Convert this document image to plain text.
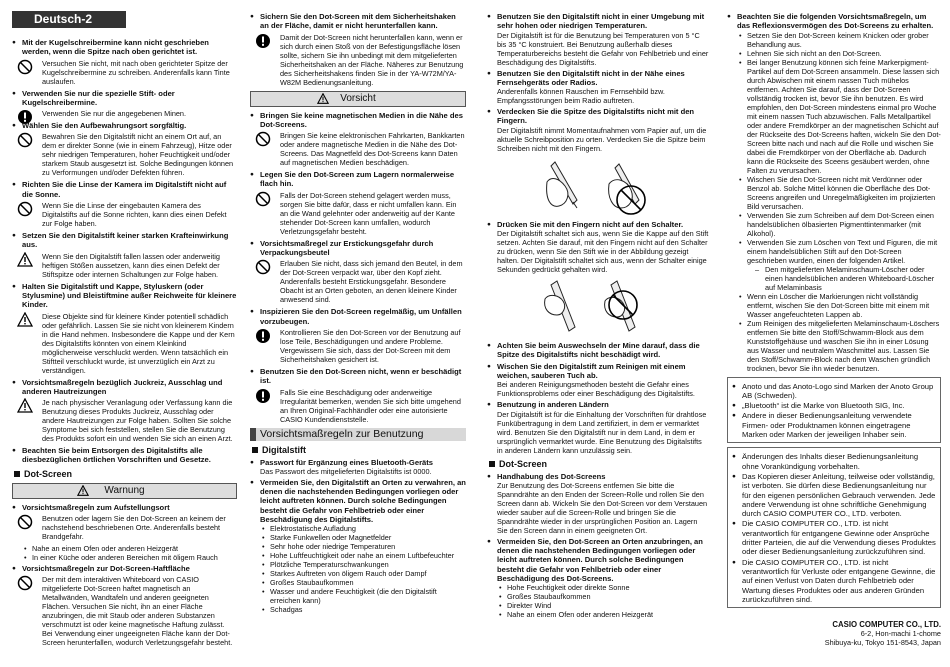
Deutsch-2
● Mit der Kugelschreibermine kann nicht geschrieben werden, wenn die Spitze nach oben gerichtet ist.
Versuchen Sie nicht, mit nach oben gerichteter Spitze der Kugelschreibermine zu schreiben. Anderenfalls kann Tinte auslaufen.
● Verwenden Sie nur die spezielle Stift- oder Kugelschreibermine.
Verwenden Sie nur die angegebenen Minen.
● Wählen Sie den Aufbewahrungsort sorgfältig.
Bewahren Sie den Digitalstift nicht an einem Ort auf, an dem er direkter Sonne (wie in einem Fahrzeug), Hitze oder sehr niedrigen Temperaturen, hoher Feuchtigkeit und/oder starkem Staub ausgesetzt ist. Solche Bedingungen können zu Verformungen und/oder Defekten führen.
● Richten Sie die Linse der Kamera im Digitalstift nicht auf die Sonne.
Wenn Sie die Linse der eingebauten Kamera des Digitalstifts auf die Sonne richten, kann dies einen Defekt zur Folge haben.
● Setzen Sie den Digitalstift keiner starken Krafteinwirkung aus.
Wenn Sie den Digitalstift fallen lassen oder anderweitig heftigen Stößen aussetzen, kann dies einen Defekt der Stiftspitze oder internen Schaltungen zur Folge haben.
● Halten Sie Digitalstift und Kappe, Styluskern (oder Stylusmine) und Bleistiftmine außer Reichweite für kleinere Kinder.
Diese Objekte sind für kleinere Kinder potentiell schädlich oder gefährlich. Lassen Sie sie nicht von kleinerem Kindern in die Hand nehmen. Insbesondere die Kappe und der Kern des Digitalstifts könnten von einem Kleinkind möglicherweise verschluckt werden. Wenn tatsächlich ein Stiftteil verschluckt wurde, ist unverzüglich ein Arzt zu verständigen.
● Vorsichtsmaßregeln bezüglich Juckreiz, Ausschlag und anderen Hautreizungen
Je nach physischer Veranlagung oder Verfassung kann die Benutzung dieses Produkts Juckreiz, Ausschlag oder andere Hautreizungen zur Folge haben. Sollten Sie solche Symptome bei sich feststellen, stellen Sie die Benutzung des Produkts sofort ein und wenden Sie sich an einen Arzt.
● Beachten Sie beim Entsorgen des Digitalstifts alle diesbezüglichen örtlichen Vorschriften und Gesetze.
Dot-Screen
Warnung
● Vorsichtsmaßregeln zum Aufstellungsort
Benutzen oder lagern Sie den Dot-Screen an keinem der nachstehend beschriebenen Orte. Anderenfalls besteht Brandgefahr.
• Nahe an einem Ofen oder anderen Heizgerät
• In einer Küche oder anderen Bereichen mit öligem Rauch
● Vorsichtsmaßregeln zur Dot-Screen-Haftfläche
Der mit dem interaktiven Whiteboard von CASIO mitgelieferte Dot-Screen haftet magnetisch an Metallwänden, Wandtafeln und anderen geeigneten Flächen. Versuchen Sie nicht, ihn an einer Fläche anzubringen, die mit Staub oder anderen Substanzen verschmutzt ist oder keine magnetische Haftung zulässt. Bei Verwendung einer ungeeigneten Fläche kann der Dot-Screen herunterfallen, wodurch Verletzungsgefahr besteht.
● Sichern Sie den Dot-Screen mit dem Sicherheitshaken an der Fläche, damit er nicht herunterfallen kann.
Damit der Dot-Screen nicht herunterfallen kann, wenn er sich durch einen Stoß von der Befestigungsfläche lösen sollte, sichern Sie ihn unbedingt mit dem mitgelieferten Sicherheitshaken an der Fläche. Näheres zur Benutzung des Sicherheitshakens finden Sie in der YA-W72M/YA-W82M Bedienungsanleitung.
Vorsicht
● Bringen Sie keine magnetischen Medien in die Nähe des Dot-Screens.
Bringen Sie keine elektronischen Fahrkarten, Bankkarten oder andere magnetische Medien in die Nähe des Dot-Screens. Das Magnetfeld des Dot-Screens kann Daten auf magnetischen Medien beschädigen.
● Legen Sie den Dot-Screen zum Lagern normalerweise flach hin.
Falls der Dot-Screen stehend gelagert werden muss, sorgen Sie bitte dafür, dass er nicht umfallen kann. Ein an die Wand gelehnter oder anderweitig auf der Kante stehender Dot-Screen kann umfallen, wodurch Verletzungsgefahr besteht.
● Vorsichtsmaßregel zur Erstickungsgefahr durch Verpackungsbeutel
Erlauben Sie nicht, dass sich jemand den Beutel, in dem der Dot-Screen verpackt war, über den Kopf zieht. Anderenfalls besteht Erstickungsgefahr. Besondere Obacht ist an Orten geboten, an denen kleinere Kinder anwesend sind.
● Inspizieren Sie den Dot-Screen regelmäßig, um Unfällen vorzubeugen.
Kontrollieren Sie den Dot-Screen vor der Benutzung auf lose Teile, Beschädigungen und andere Probleme. Vergewissern Sie sich, dass der Dot-Screen mit dem Sicherheitshaken gesichert ist.
● Benutzen Sie den Dot-Screen nicht, wenn er beschädigt ist.
Falls Sie eine Beschädigung oder anderweitige Irregularität bemerken, wenden Sie sich bitte umgehend an Ihren Original-Fachhändler oder eine autorisierte CASIO Kundendienststelle.
Vorsichtsmaßregeln zur Benutzung
Digitalstift
● Passwort für Ergänzung eines Bluetooth-Geräts
Das Passwort des mitgelieferten Digitalstifts ist 0000.
● Vermeiden Sie, den Digitalstift an Orten zu verwahren, an denen die nachstehenden Bedingungen vorliegen oder leicht auftreten können. Durch solche Bedingungen besteht die Gefahr von Fehlbetrieb oder einer Beschädigung des Digitalstifts.
• Elektrostatische Aufladung
• Starke Funkwellen oder Magnetfelder
• Sehr hohe oder niedrige Temperaturen
• Hohe Luftfeuchtigkeit oder nahe an einem Luftbefeuchter
• Plötzliche Temperaturschwankungen
• Starkes Auftreten von öligem Rauch oder Dampf
• Großes Staubaufkommen
• Wasser und andere Feuchtigkeit (die den Digitalstift erreichen kann)
• Schadgas
● Benutzen Sie den Digitalstift nicht in einer Umgebung mit sehr hohen oder niedrigen Temperaturen.
Der Digitalstift ist für die Benutzung bei Temperaturen von 5 °C bis 35 °C konstruiert. Bei Benutzung außerhalb dieses Temperaturbereichs besteht die Gefahr von Fehlbetrieb und einer Beschädigung des Digitalstifts.
● Benutzen Sie den Digitalstift nicht in der Nähe eines Fernsehgeräts oder Radios.
Anderenfalls können Rauschen im Fernsehbild bzw. Empfangsstörungen beim Radio auftreten.
● Verdecken Sie die Spitze des Digitalstifts nicht mit den Fingern.
Der Digitalstift nimmt Momentaufnahmen vom Papier auf, um die aktuelle Schreibposition zu orten. Verdecken Sie die Spitze beim Schreiben nicht mit den Fingern.
● Drücken Sie mit den Fingern nicht auf den Schalter.
Der Digitalstift schaltet sich aus, wenn Sie die Kappe auf den Stift setzen. Achten Sie darauf, mit den Fingern nicht auf den Schalter zu drücken, wenn Sie den Stift wie in der Abbildung gezeigt halten. Der Digitalstift schaltet sich aus, wenn der Schalter einige Sekunden gedrückt gehalten wird.
● Achten Sie beim Auswechseln der Mine darauf, dass die Spitze des Digitalstifts nicht beschädigt wird.
● Wischen Sie den Digitalstift zum Reinigen mit einem weichen, sauberen Tuch ab.
Bei anderen Reinigungsmethoden besteht die Gefahr eines Funktionsproblems oder einer Beschädigung des Digitalstifts.
● Benutzung in anderen Ländern
Der Digitalstift ist für die Einhaltung der Vorschriften für drahtlose Funkübertragung in dem Land zertifiziert, in dem er vermarktet wird. Benutzen Sie den Digitalstift nur in dem Land, in dem er ursprünglich vermarktet wurde. Eine Benutzung des Digitalstifts in anderen Ländern kann unzulässig sein.
Dot-Screen
● Handhabung des Dot-Screens
Zur Benutzung des Dot-Screens entfernen Sie bitte die Spanndrähte an den Enden der Screen-Rolle und rollen Sie den Screen dann ab. Wickeln Sie den Dot-Screen vor dem Verstauen wieder sauber auf die Screen-Rolle und bringen Sie die Spanndrähte wieder in der ursprünglichen Position an. Lagern Sie den Screen dann in einem geeigneten Ort.
● Vermeiden Sie, den Dot-Screen an Orten anzubringen, an denen die nachstehenden Bedingungen vorliegen oder leicht auftreten können. Durch solche Bedingungen besteht die Gefahr von Fehlbetrieb oder einer Beschädigung des Dot-Screens.
• Hohe Feuchtigkeit oder direkte Sonne
• Großes Staubaufkommen
• Direkter Wind
• Nahe an einem Ofen oder anderen Heizgerät
● Beachten Sie die folgenden Vorsichtsmaßregeln, um das Reflexionsvermögen des Dot-Screens zu erhalten.
• Setzen Sie den Dot-Screen keinem Knicken oder grober Behandlung aus.
• Lehnen Sie sich nicht an den Dot-Screen.
• Bei langer Benutzung können sich feine Markerpigment-Partikel auf dem Dot-Screen ansammeln. Diese lassen sich durch Abwischen mit einem nassen Tuch mühelos entfernen. Achten Sie darauf, dass der Dot-Screen vollständig trocken ist, bevor Sie ihn benutzen. Es wird empfohlen, den Dot-Screen mindestens einmal pro Woche mit einem nassen Tuch abzuwischen. Falls Metallpartikel oder andere Fremdkörper an der magnetischen Schicht auf der Rückseite des Dot-Screens haften, wickeln Sie den Dot-Screen bitte nach und nach auf die Rolle und wischen Sie dabei die Fremdkörper von der Oberfläche ab. Dadurch kann die Rückseite des Sceens gesäubert werden, ohne Falten zu verursachen.
• Wischen Sie den Dot-Screen nicht mit Verdünner oder Benzol ab. Solche Mittel können die Oberfläche des Dot-Screens angreifen und Unregelmäßigkeiten im projizierten Bild verursachen.
• Verwenden Sie zum Schreiben auf dem Dot-Screen einen handelsüblichen ölbasierten Pigmenttintenmarker (mit Alkohol).
• Verwenden Sie zum Löschen von Text und Figuren, die mit einem handelsüblichen Stift auf den Dot-Screen geschrieben wurden, einen der folgenden Artikel.
– Den mitgelieferten Melaminschaum-Löscher oder einen handelsüblichen anderen Whiteboard-Löscher auf Melaminbasis
• Wenn ein Löscher die Markierungen nicht vollständig entfernt, wischen Sie den Dot-Screen bitte mit einem mit Wasser angefeuchteten Lappen ab.
• Zum Reinigen des mitgelieferten Melaminschaum-Löschers entfernen Sie bitte den Stoff/Schwamm-Block aus dem Kunststoffgehäuse und waschen Sie ihn in einer Lösung aus Wasser und neutralem Waschmittel aus. Lassen Sie den Stoff/Schwamm-Block nach dem Waschen gründlich trocknen, bevor Sie ihn wieder benutzen.
● Anoto und das Anoto-Logo sind Marken der Anoto Group AB (Schweden).
● „Bluetooth“ ist die Marke von Bluetooth SIG, Inc.
● Andere in dieser Bedienungsanleitung verwendete Firmen- oder Produktnamen können eingetragene Marken oder Marken der jeweiligen Inhaber sein.
● Änderungen des Inhalts dieser Bedienungsanleitung ohne Vorankündigung vorbehalten.
● Das Kopieren dieser Anleitung, teilweise oder vollständig, ist verboten. Sie dürfen diese Bedienungsanleitung nur für den eigenen persönlichen Gebrauch verwenden. Jede andere Verwendung ist ohne schriftliche Genehmigung durch CASIO COMPUTER CO., LTD. verboten.
● Die CASIO COMPUTER CO., LTD. ist nicht verantwortlich für entgangene Gewinne oder Ansprüche dritter Parteien, die auf die Verwendung dieses Produktes oder dieser Bedienungsanleitung zurückzuführen sind.
● Die CASIO COMPUTER CO., LTD. ist nicht verantwortlich für Verluste oder entgangene Gewinne, die auf einen Verlust von Daten durch Fehlbetrieb oder Wartung dieses Produktes oder aus anderen Gründen zurückzuführen sind.
CASIO COMPUTER CO., LTD.
6-2, Hon-machi 1-chome
Shibuya-ku, Tokyo 151-8543, Japan
